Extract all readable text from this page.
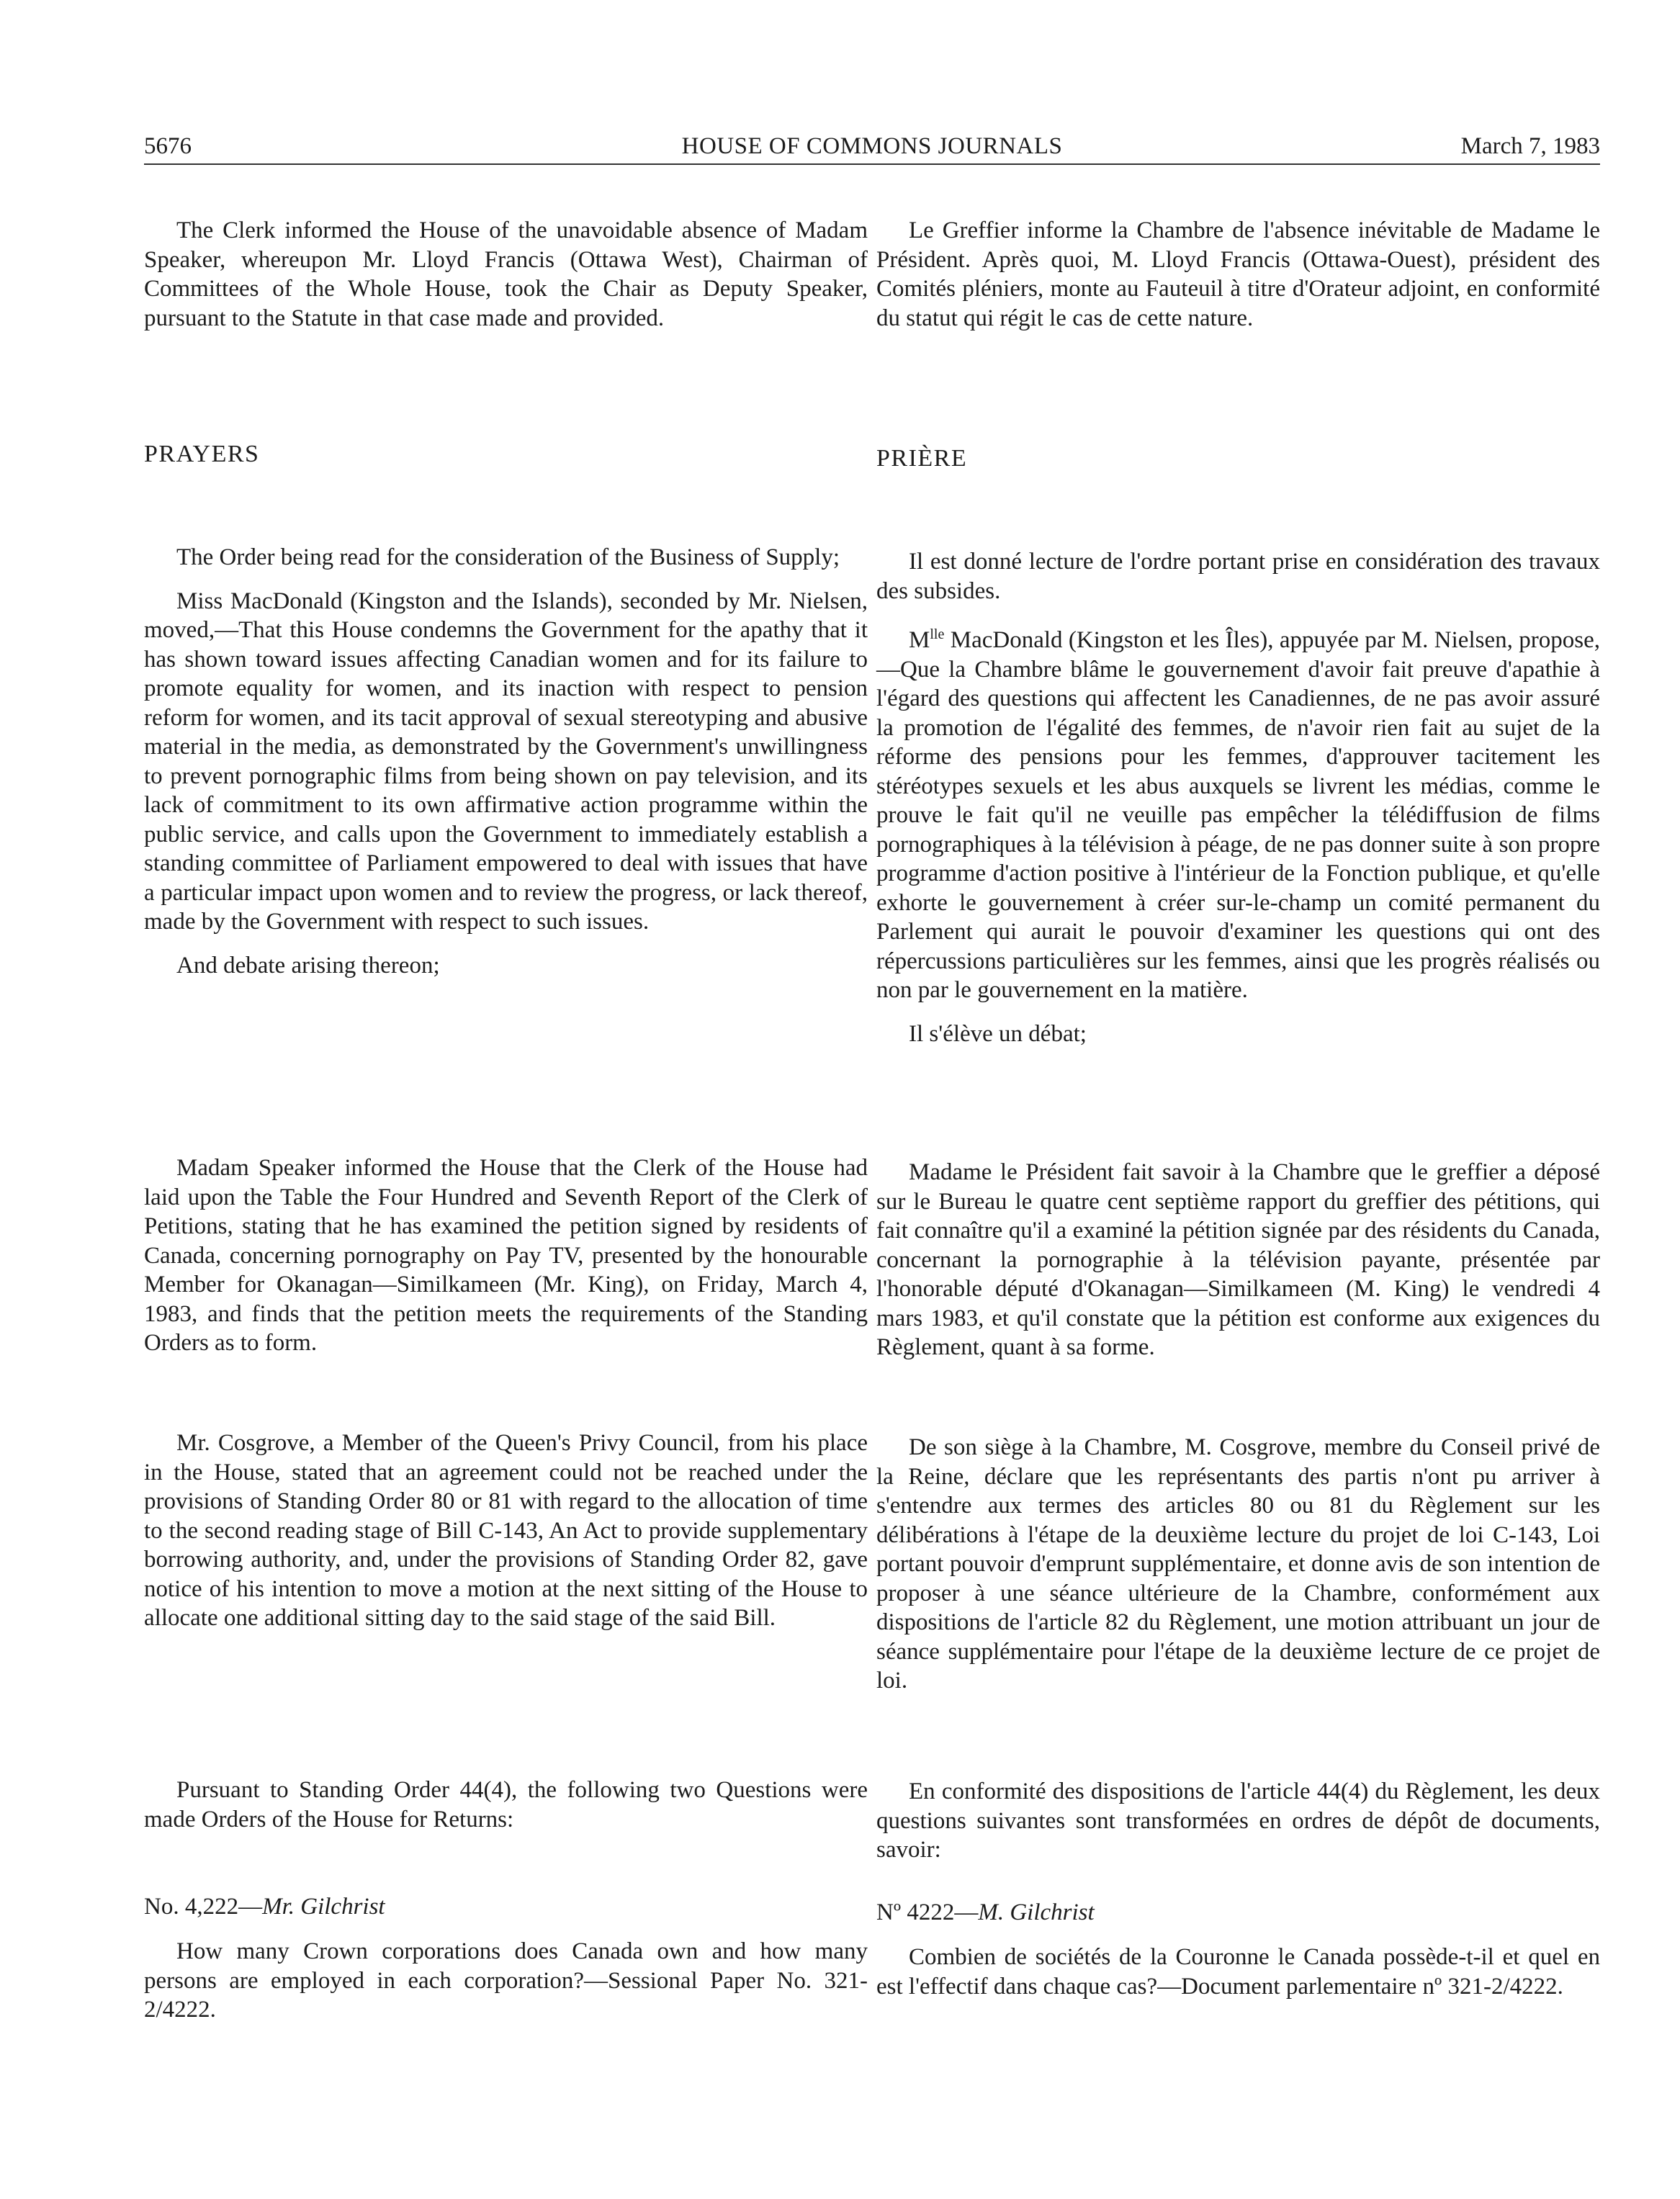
5676	HOUSE OF COMMONS JOURNALS	March 7, 1983

The Clerk informed the House of the unavoidable absence of Madam Speaker, whereupon Mr. Lloyd Francis (Ottawa West), Chairman of Committees of the Whole House, took the Chair as Deputy Speaker, pursuant to the Statute in that case made and provided.

PRAYERS

The Order being read for the consideration of the Business of Supply;

Miss MacDonald (Kingston and the Islands), seconded by Mr. Nielsen, moved,—That this House condemns the Government for the apathy that it has shown toward issues affecting Canadian women and for its failure to promote equality for women, and its inaction with respect to pension reform for women, and its tacit approval of sexual stereotyping and abusive material in the media, as demonstrated by the Government's unwillingness to prevent pornographic films from being shown on pay television, and its lack of commitment to its own affirmative action programme within the public service, and calls upon the Government to immediately establish a standing committee of Parliament empowered to deal with issues that have a particular impact upon women and to review the progress, or lack thereof, made by the Government with respect to such issues.

And debate arising thereon;

Madam Speaker informed the House that the Clerk of the House had laid upon the Table the Four Hundred and Seventh Report of the Clerk of Petitions, stating that he has examined the petition signed by residents of Canada, concerning pornography on Pay TV, presented by the honourable Member for Okanagan—Similkameen (Mr. King), on Friday, March 4, 1983, and finds that the petition meets the requirements of the Standing Orders as to form.

Mr. Cosgrove, a Member of the Queen's Privy Council, from his place in the House, stated that an agreement could not be reached under the provisions of Standing Order 80 or 81 with regard to the allocation of time to the second reading stage of Bill C-143, An Act to provide supplementary borrowing authority, and, under the provisions of Standing Order 82, gave notice of his intention to move a motion at the next sitting of the House to allocate one additional sitting day to the said stage of the said Bill.

Pursuant to Standing Order 44(4), the following two Questions were made Orders of the House for Returns:

No. 4,222—Mr. Gilchrist

How many Crown corporations does Canada own and how many persons are employed in each corporation?—Sessional Paper No. 321-2/4222.

Le Greffier informe la Chambre de l'absence inévitable de Madame le Président. Après quoi, M. Lloyd Francis (Ottawa-Ouest), président des Comités pléniers, monte au Fauteuil à titre d'Orateur adjoint, en conformité du statut qui régit le cas de cette nature.

PRIÈRE

Il est donné lecture de l'ordre portant prise en considération des travaux des subsides.

$M^{lle}$ MacDonald (Kingston et les Îles), appuyée par M. Nielsen, propose,—Que la Chambre blâme le gouvernement d'avoir fait preuve d'apathie à l'égard des questions qui affectent les Canadiennes, de ne pas avoir assuré la promotion de l'égalité des femmes, de n'avoir rien fait au sujet de la réforme des pensions pour les femmes, d'approuver tacitement les stéréotypes sexuels et les abus auxquels se livrent les médias, comme le prouve le fait qu'il ne veuille pas empêcher la télédiffusion de films pornographiques à la télévision à péage, de ne pas donner suite à son propre programme d'action positive à l'intérieur de la Fonction publique, et qu'elle exhorte le gouvernement à créer sur-le-champ un comité permanent du Parlement qui aurait le pouvoir d'examiner les questions qui ont des répercussions particulières sur les femmes, ainsi que les progrès réalisés ou non par le gouvernement en la matière.

Il s'élève un débat;

Madame le Président fait savoir à la Chambre que le greffier a déposé sur le Bureau le quatre cent septième rapport du greffier des pétitions, qui fait connaître qu'il a examiné la pétition signée par des résidents du Canada, concernant la pornographie à la télévision payante, présentée par l'honorable député d'Okanagan—Similkameen (M. King) le vendredi 4 mars 1983, et qu'il constate que la pétition est conforme aux exigences du Règlement, quant à sa forme.

De son siège à la Chambre, M. Cosgrove, membre du Conseil privé de la Reine, déclare que les représentants des partis n'ont pu arriver à s'entendre aux termes des articles 80 ou 81 du Règlement sur les délibérations à l'étape de la deuxième lecture du projet de loi C-143, Loi portant pouvoir d'emprunt supplémentaire, et donne avis de son intention de proposer à une séance ultérieure de la Chambre, conformément aux dispositions de l'article 82 du Règlement, une motion attribuant un jour de séance supplémentaire pour l'étape de la deuxième lecture de ce projet de loi.

En conformité des dispositions de l'article 44(4) du Règlement, les deux questions suivantes sont transformées en ordres de dépôt de documents, savoir:

Nº 4222—M. Gilchrist

Combien de sociétés de la Couronne le Canada possède-t-il et quel en est l'effectif dans chaque cas?—Document parlementaire nº 321-2/4222.
